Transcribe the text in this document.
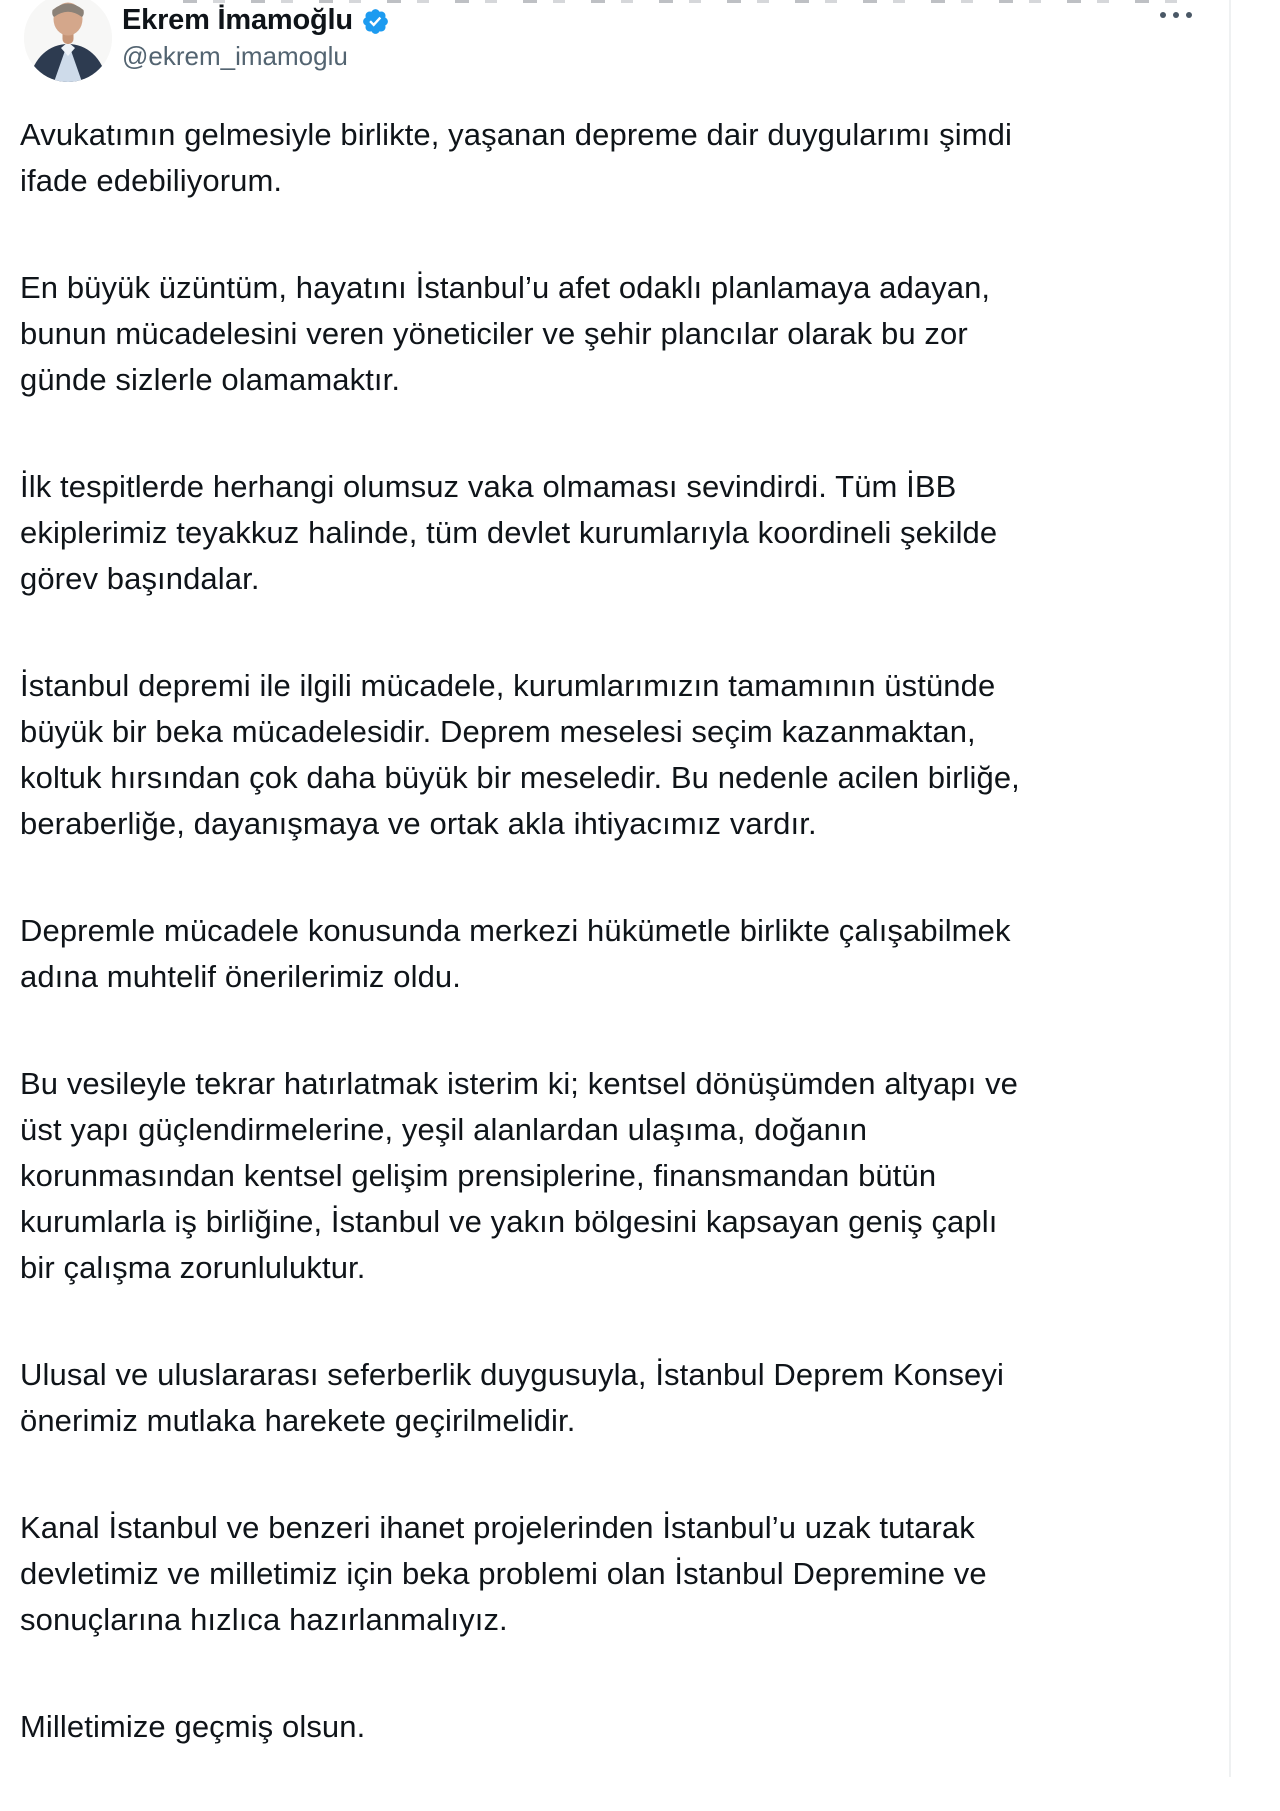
Ekrem İmamoğlu
@ekrem_imamoglu

Avukatımın gelmesiyle birlikte, yaşanan depreme dair duygularımı şimdi
ifade edebiliyorum.

En büyük üzüntüm, hayatını İstanbul’u afet odaklı planlamaya adayan,
bunun mücadelesini veren yöneticiler ve şehir plancılar olarak bu zor
günde sizlerle olamamaktır.

İlk tespitlerde herhangi olumsuz vaka olmaması sevindirdi. Tüm İBB
ekiplerimiz teyakkuz halinde, tüm devlet kurumlarıyla koordineli şekilde
görev başındalar.

İstanbul depremi ile ilgili mücadele, kurumlarımızın tamamının üstünde
büyük bir beka mücadelesidir. Deprem meselesi seçim kazanmaktan,
koltuk hırsından çok daha büyük bir meseledir. Bu nedenle acilen birliğe,
beraberliğe, dayanışmaya ve ortak akla ihtiyacımız vardır.

Depremle mücadele konusunda merkezi hükümetle birlikte çalışabilmek
adına muhtelif önerilerimiz oldu.

Bu vesileyle tekrar hatırlatmak isterim ki; kentsel dönüşümden altyapı ve
üst yapı güçlendirmelerine, yeşil alanlardan ulaşıma, doğanın
korunmasından kentsel gelişim prensiplerine, finansmandan bütün
kurumlarla iş birliğine, İstanbul ve yakın bölgesini kapsayan geniş çaplı
bir çalışma zorunluluktur.

Ulusal ve uluslararası seferberlik duygusuyla, İstanbul Deprem Konseyi
önerimiz mutlaka harekete geçirilmelidir.

Kanal İstanbul ve benzeri ihanet projelerinden İstanbul’u uzak tutarak
devletimiz ve milletimiz için beka problemi olan İstanbul Depremine ve
sonuçlarına hızlıca hazırlanmalıyız.

Milletimize geçmiş olsun.
